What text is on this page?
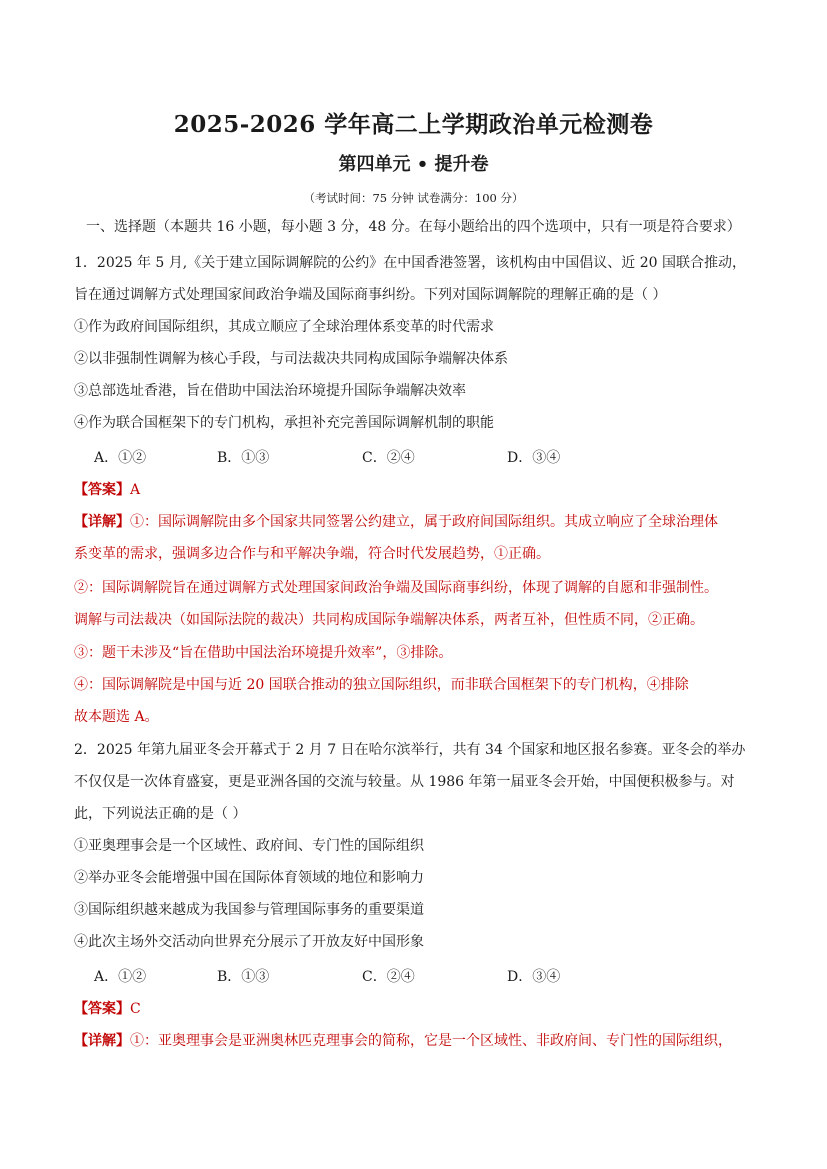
2025-2026 学年高二上学期政治单元检测卷
第四单元 • 提升卷
（考试时间：75 分钟 试卷满分：100 分）
一、选择题（本题共 16 小题，每小题 3 分，48 分。在每小题给出的四个选项中，只有一项是符合要求）
1．2025 年 5 月,《关于建立国际调解院的公约》在中国香港签署，该机构由中国倡议、近 20 国联合推动，
旨在通过调解方式处理国家间政治争端及国际商事纠纷。下列对国际调解院的理解正确的是（ ）
①作为政府间国际组织，其成立顺应了全球治理体系变革的时代需求
②以非强制性调解为核心手段，与司法裁决共同构成国际争端解决体系
③总部选址香港，旨在借助中国法治环境提升国际争端解决效率
④作为联合国框架下的专门机构，承担补充完善国际调解机制的职能
A．①②	B．①③	C．②④	D．③④
【答案】A
【详解】①：国际调解院由多个国家共同签署公约建立，属于政府间国际组织。其成立响应了全球治理体
系变革的需求，强调多边合作与和平解决争端，符合时代发展趋势，①正确。
②：国际调解院旨在通过调解方式处理国家间政治争端及国际商事纠纷，体现了调解的自愿和非强制性。
调解与司法裁决（如国际法院的裁决）共同构成国际争端解决体系，两者互补，但性质不同，②正确。
③：题干未涉及“旨在借助中国法治环境提升效率”，③排除。
④：国际调解院是中国与近 20 国联合推动的独立国际组织，而非联合国框架下的专门机构，④排除
故本题选 A。
2．2025 年第九届亚冬会开幕式于 2 月 7 日在哈尔滨举行，共有 34 个国家和地区报名参赛。亚冬会的举办
不仅仅是一次体育盛宴，更是亚洲各国的交流与较量。从 1986 年第一届亚冬会开始，中国便积极参与。对
此，下列说法正确的是（ ）
①亚奥理事会是一个区域性、政府间、专门性的国际组织
②举办亚冬会能增强中国在国际体育领域的地位和影响力
③国际组织越来越成为我国参与管理国际事务的重要渠道
④此次主场外交活动向世界充分展示了开放友好中国形象
A．①②	B．①③	C．②④	D．③④
【答案】C
【详解】①：亚奥理事会是亚洲奥林匹克理事会的简称，它是一个区域性、非政府间、专门性的国际组织，
